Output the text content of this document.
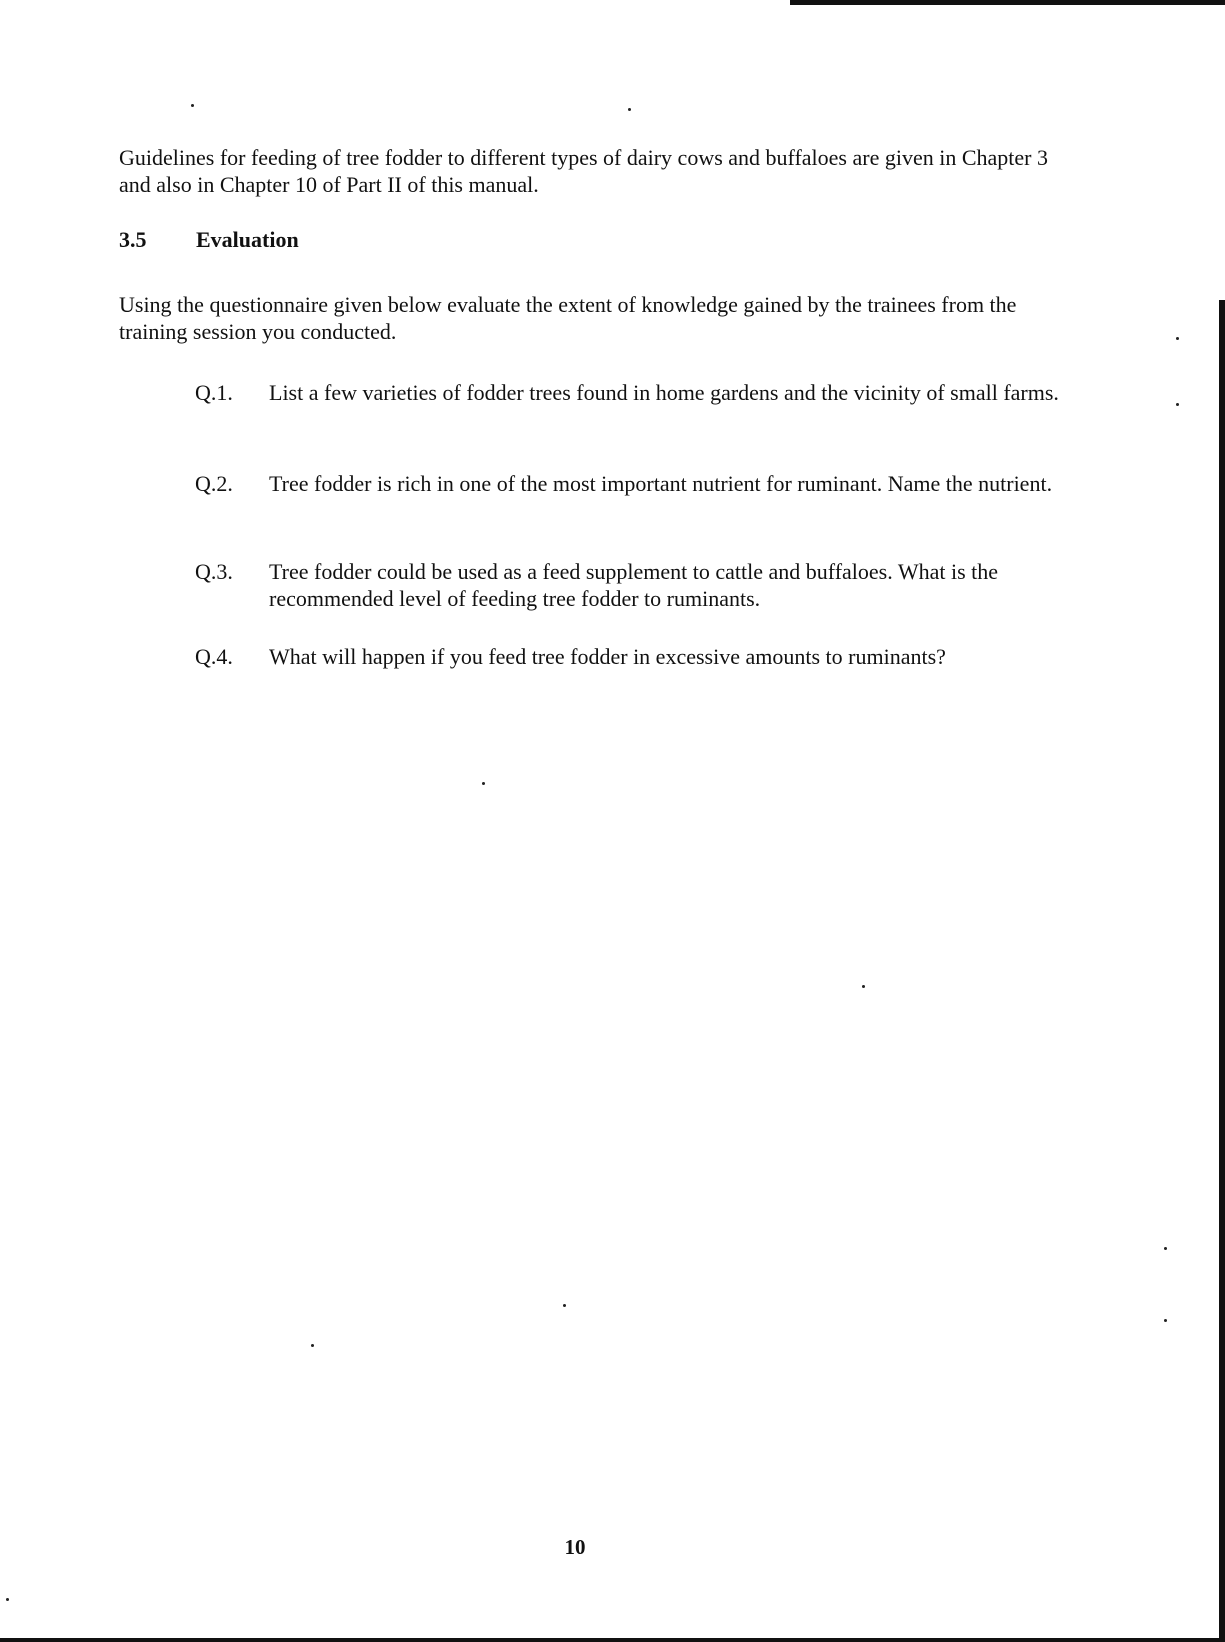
Guidelines for feeding of tree fodder to different types of dairy cows and buffaloes are given in Chapter 3 and also in Chapter 10 of Part II of this manual.

3.5 Evaluation

Using the questionnaire given below evaluate the extent of knowledge gained by the trainees from the training session you conducted.

Q.1.	List a few varieties of fodder trees found in home gardens and the vicinity of small farms.
Q.2.	Tree fodder is rich in one of the most important nutrient for ruminant. Name the nutrient.
Q.3.	Tree fodder could be used as a feed supplement to cattle and buffaloes. What is the recommended level of feeding tree fodder to ruminants.
Q.4.	What will happen if you feed tree fodder in excessive amounts to ruminants?
10
